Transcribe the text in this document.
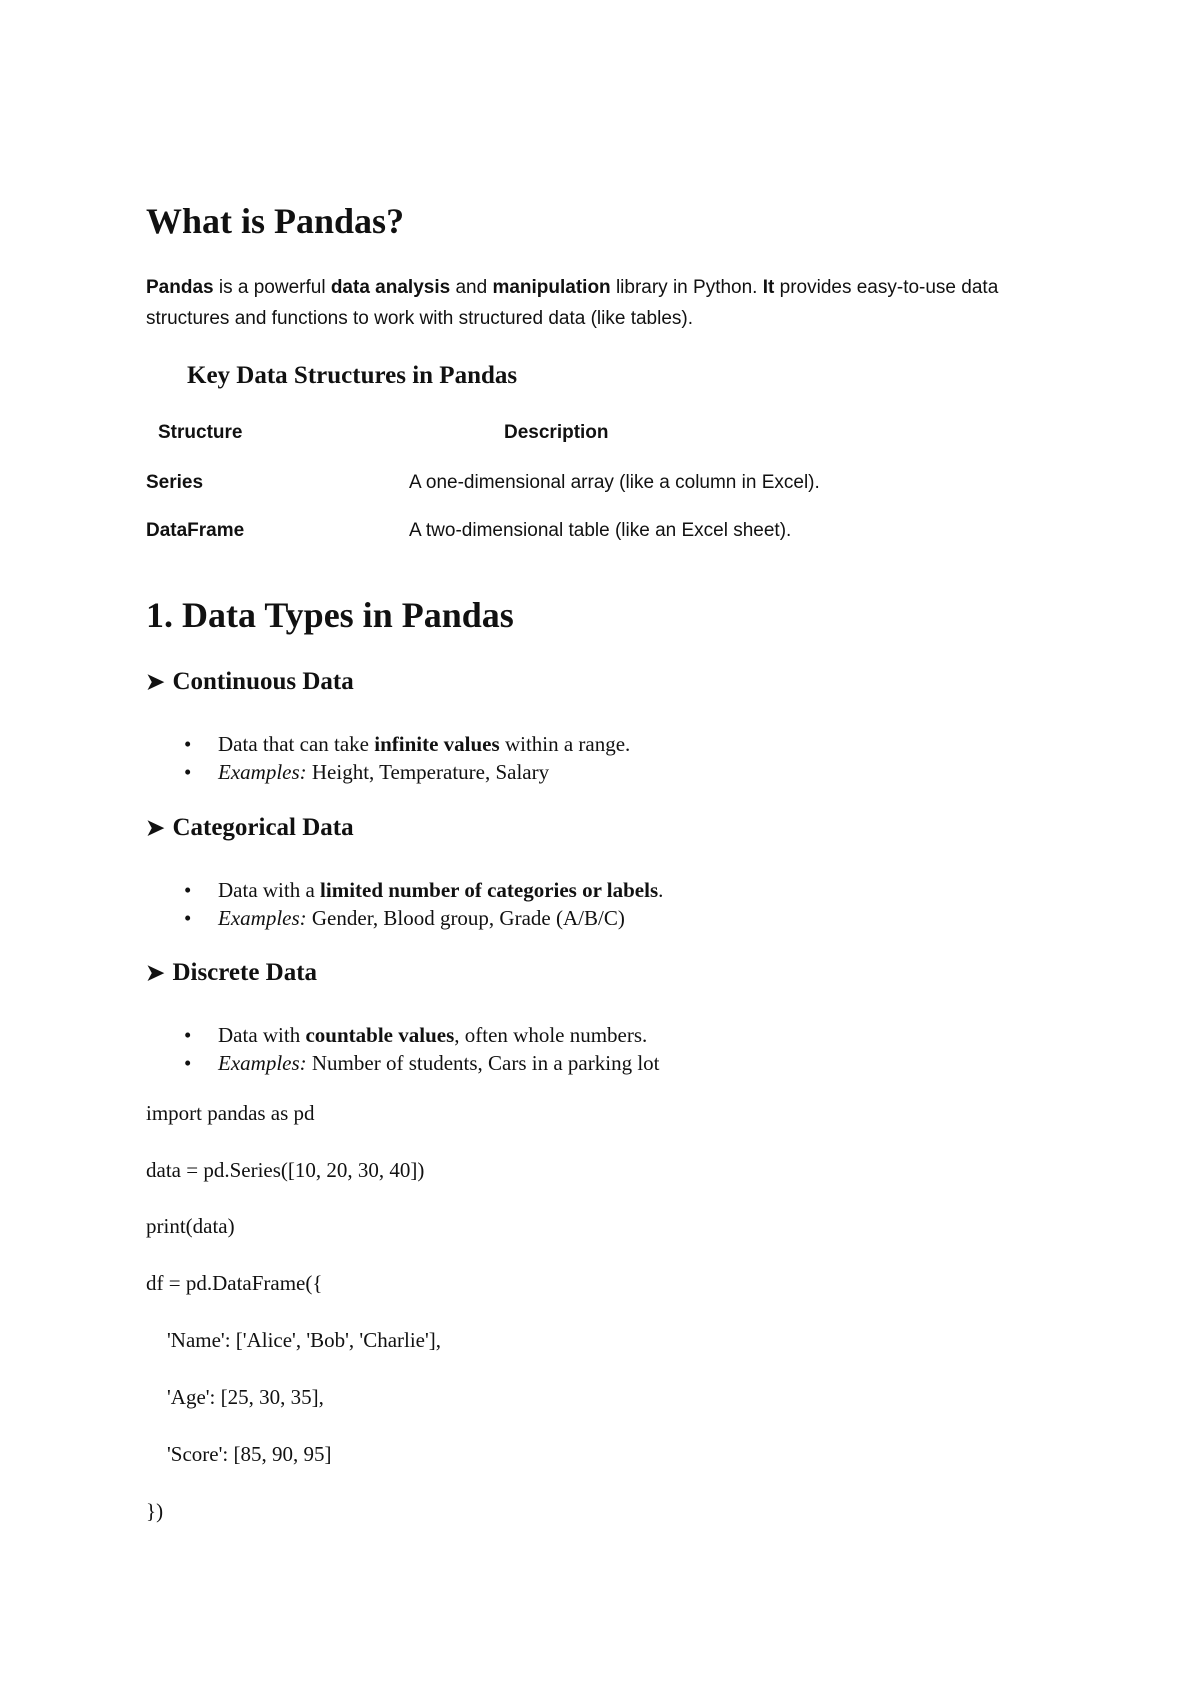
What is Pandas?

Pandas is a powerful data analysis and manipulation library in Python. It provides easy-to-use data structures and functions to work with structured data (like tables).

Key Data Structures in Pandas
Structure	Description
Series	A one-dimensional array (like a column in Excel).
DataFrame	A two-dimensional table (like an Excel sheet).
1. Data Types in Pandas
➤ Continuous Data
• Data that can take infinite values within a range.
• Examples: Height, Temperature, Salary
➤ Categorical Data
• Data with a limited number of categories or labels.
• Examples: Gender, Blood group, Grade (A/B/C)
➤ Discrete Data
• Data with countable values, often whole numbers.
• Examples: Number of students, Cars in a parking lot
import pandas as pd
data = pd.Series([10, 20, 30, 40])
print(data)
df = pd.DataFrame({
'Name': ['Alice', 'Bob', 'Charlie'],
'Age': [25, 30, 35],
'Score': [85, 90, 95]
})
